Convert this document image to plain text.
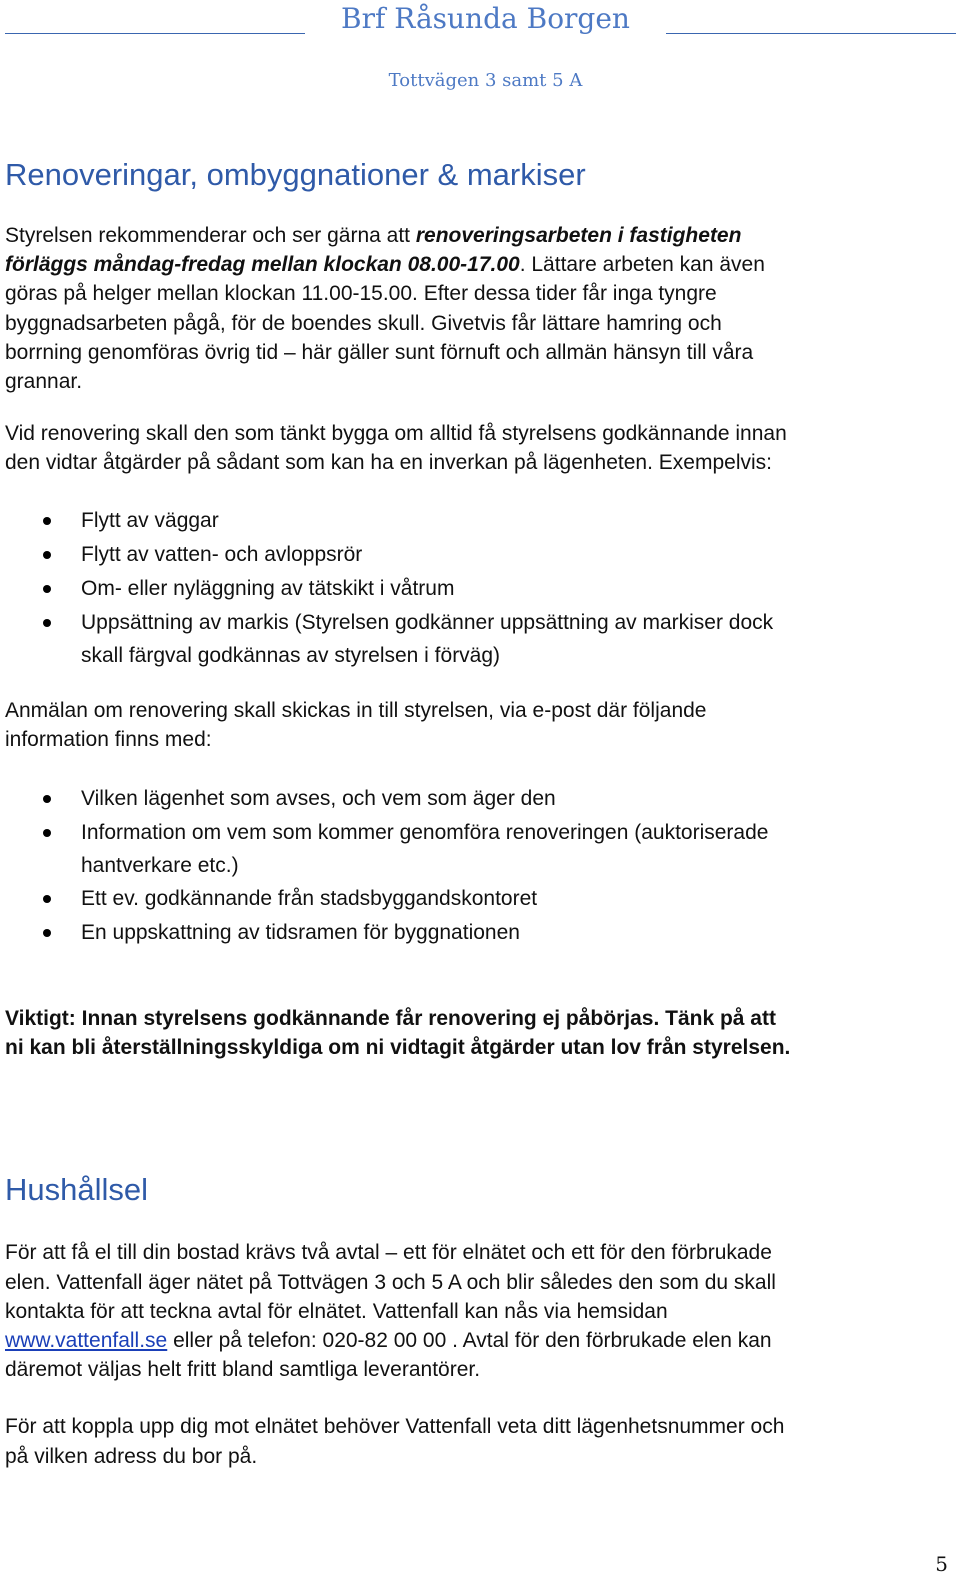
Brf Råsunda Borgen
Tottvägen 3 samt 5 A
Renoveringar, ombyggnationer & markiser

Styrelsen rekommenderar och ser gärna att renoveringsarbeten i fastigheten
förläggs måndag-fredag mellan klockan 08.00-17.00. Lättare arbeten kan även
göras på helger mellan klockan 11.00-15.00. Efter dessa tider får inga tyngre
byggnadsarbeten pågå, för de boendes skull. Givetvis får lättare hamring och
borrning genomföras övrig tid – här gäller sunt förnuft och allmän hänsyn till våra
grannar.

Vid renovering skall den som tänkt bygga om alltid få styrelsens godkännande innan
den vidtar åtgärder på sådant som kan ha en inverkan på lägenheten. Exempelvis:

Flytt av väggar
Flytt av vatten- och avloppsrör
Om- eller nyläggning av tätskikt i våtrum
Uppsättning av markis (Styrelsen godkänner uppsättning av markiser dock
skall färgval godkännas av styrelsen i förväg)

Anmälan om renovering skall skickas in till styrelsen, via e-post där följande
information finns med:

Vilken lägenhet som avses, och vem som äger den
Information om vem som kommer genomföra renoveringen (auktoriserade
hantverkare etc.)
Ett ev. godkännande från stadsbyggandskontoret
En uppskattning av tidsramen för byggnationen

Viktigt: Innan styrelsens godkännande får renovering ej påbörjas. Tänk på att
ni kan bli återställningsskyldiga om ni vidtagit åtgärder utan lov från styrelsen.

Hushållsel

För att få el till din bostad krävs två avtal – ett för elnätet och ett för den förbrukade
elen. Vattenfall äger nätet på Tottvägen 3 och 5 A och blir således den som du skall
kontakta för att teckna avtal för elnätet. Vattenfall kan nås via hemsidan
www.vattenfall.se eller på telefon: 020-82 00 00 . Avtal för den förbrukade elen kan
däremot väljas helt fritt bland samtliga leverantörer.

För att koppla upp dig mot elnätet behöver Vattenfall veta ditt lägenhetsnummer och
på vilken adress du bor på.

5
